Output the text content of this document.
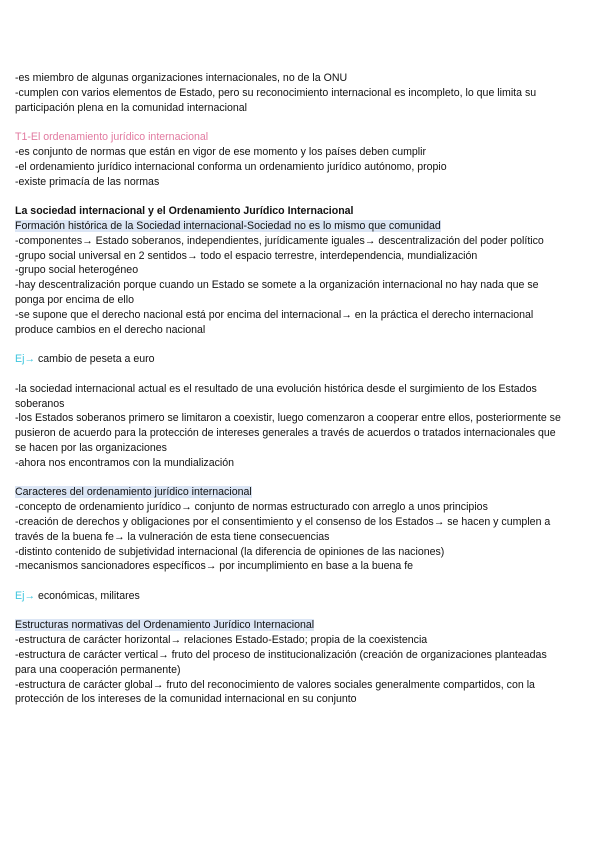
-es miembro de algunas organizaciones internacionales, no de la ONU
-cumplen con varios elementos de Estado, pero su reconocimiento internacional es incompleto, lo que limita su
participación plena en la comunidad internacional
T1-El ordenamiento jurídico internacional
-es conjunto de normas que están en vigor de ese momento y los países deben cumplir
-el ordenamiento jurídico internacional conforma un ordenamiento jurídico autónomo, propio
-existe primacía de las normas
La sociedad internacional y el Ordenamiento Jurídico Internacional
Formación histórica de la Sociedad internacional-Sociedad no es lo mismo que comunidad
-componentes→ Estado soberanos, independientes, jurídicamente iguales→ descentralización del poder político
-grupo social universal en 2 sentidos→ todo el espacio terrestre, interdependencia, mundialización
-grupo social heterogéneo
-hay descentralización porque cuando un Estado se somete a la organización internacional no hay nada que se
ponga por encima de ello
-se supone que el derecho nacional está por encima del internacional→ en la práctica el derecho internacional
produce cambios en el derecho nacional
Ej→ cambio de peseta a euro
-la sociedad internacional actual es el resultado de una evolución histórica desde el surgimiento de los Estados
soberanos
-los Estados soberanos primero se limitaron a coexistir, luego comenzaron a cooperar entre ellos, posteriormente se
pusieron de acuerdo para la protección de intereses generales a través de acuerdos o tratados internacionales que
se hacen por las organizaciones
-ahora nos encontramos con la mundialización
Caracteres del ordenamiento jurídico internacional
-concepto de ordenamiento jurídico→ conjunto de normas estructurado con arreglo a unos principios
-creación de derechos y obligaciones por el consentimiento y el consenso de los Estados→ se hacen y cumplen a
través de la buena fe→ la vulneración de esta tiene consecuencias
-distinto contenido de subjetividad internacional (la diferencia de opiniones de las naciones)
-mecanismos sancionadores específicos→ por incumplimiento en base a la buena fe
Ej→ económicas, militares
Estructuras normativas del Ordenamiento Jurídico Internacional
-estructura de carácter horizontal→ relaciones Estado-Estado; propia de la coexistencia
-estructura de carácter vertical→ fruto del proceso de institucionalización (creación de organizaciones planteadas
para una cooperación permanente)
-estructura de carácter global→ fruto del reconocimiento de valores sociales generalmente compartidos, con la
protección de los intereses de la comunidad internacional en su conjunto
